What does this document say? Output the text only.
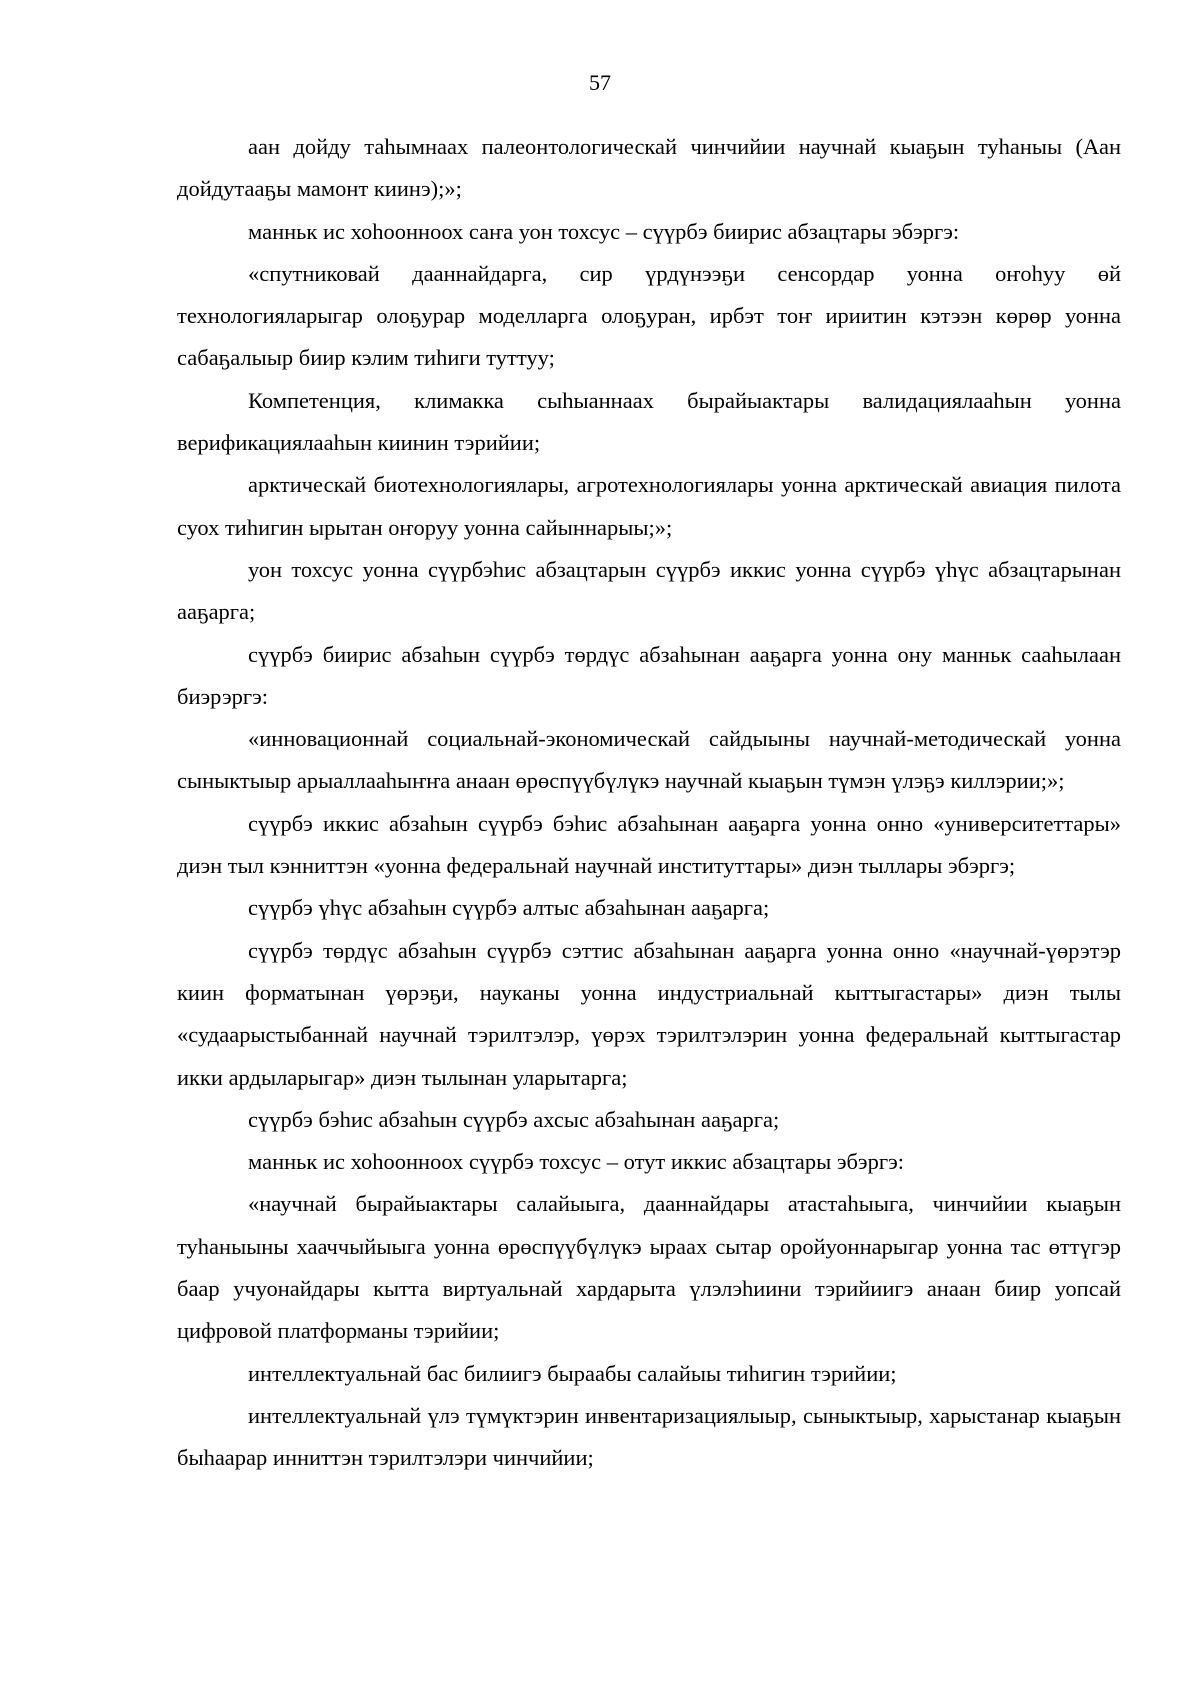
57

аан дойду таһымнаах палеонтологическай чинчийии научнай кыаҕын туһаныы (Аан дойдутааҕы мамонт киинэ);»;

манньк ис хоһоонноох саҥа уон тохсус – сүүрбэ биирис абзацтары эбэргэ:

«спутниковай дааннайдарга, сир үрдүнээҕи сенсордар уонна оҥоһуу өй технологияларыгар олоҕурар моделларга олоҕуран, ирбэт тоҥ ириитин кэтээн көрөр уонна сабаҕалыыр биир кэлим тиһиги туттуу;

Компетенция, климакка сыһыаннаах бырайыактары валидациялааһын уонна верификациялааһын киинин тэрийии;

арктическай биотехнологиялары, агротехнологиялары уонна арктическай авиация пилота суох тиһигин ырытан оҥоруу уонна сайыннарыы;»;

уон тохсус уонна сүүрбэһис абзацтарын сүүрбэ иккис уонна сүүрбэ үһүс абзацтарынан ааҕарга;

сүүрбэ биирис абзаһын сүүрбэ төрдүс абзаһынан ааҕарга уонна ону манньк сааһылаан биэрэргэ:

«инновационнай социальнай-экономическай сайдыыны научнай-методическай уонна сыныктыыр арыаллааһыҥҥа анаан өрөспүүбүлүкэ научнай кыаҕын түмэн үлэҕэ киллэрии;»;

сүүрбэ иккис абзаһын сүүрбэ бэһис абзаһынан ааҕарга уонна онно «университеттары» диэн тыл кэнниттэн «уонна федеральнай научнай институттары» диэн тыллары эбэргэ;

сүүрбэ үһүс абзаһын сүүрбэ алтыс абзаһынан ааҕарга;

сүүрбэ төрдүс абзаһын сүүрбэ сэттис абзаһынан ааҕарга уонна онно «научнай-үөрэтэр киин форматынан үөрэҕи, науканы уонна индустриальнай кыттыгастары» диэн тылы «судаарыстыбаннай научнай тэрилтэлэр, үөрэх тэрилтэлэрин уонна федеральнай кыттыгастар икки ардыларыгар» диэн тылынан уларытарга;

сүүрбэ бэһис абзаһын сүүрбэ ахсыс абзаһынан ааҕарга;

манньк ис хоһоонноох сүүрбэ тохсус – отут иккис абзацтары эбэргэ:

«научнай бырайыактары салайыыга, дааннайдары атастаһыыга, чинчийии кыаҕын туһаныыны хааччыйыыга уонна өрөспүүбүлүкэ ыраах сытар оройуоннарыгар уонна тас өттүгэр баар учуонайдары кытта виртуальнай хардарыта үлэлэһиини тэрийиигэ анаан биир уопсай цифровой платформаны тэрийии;

интеллектуальнай бас билиигэ быраабы салайыы тиһигин тэрийии;

интеллектуальнай үлэ түмүктэрин инвентаризациялыыр, сыныктыыр, харыстанар кыаҕын быһаарар инниттэн тэрилтэлэри чинчийии;
